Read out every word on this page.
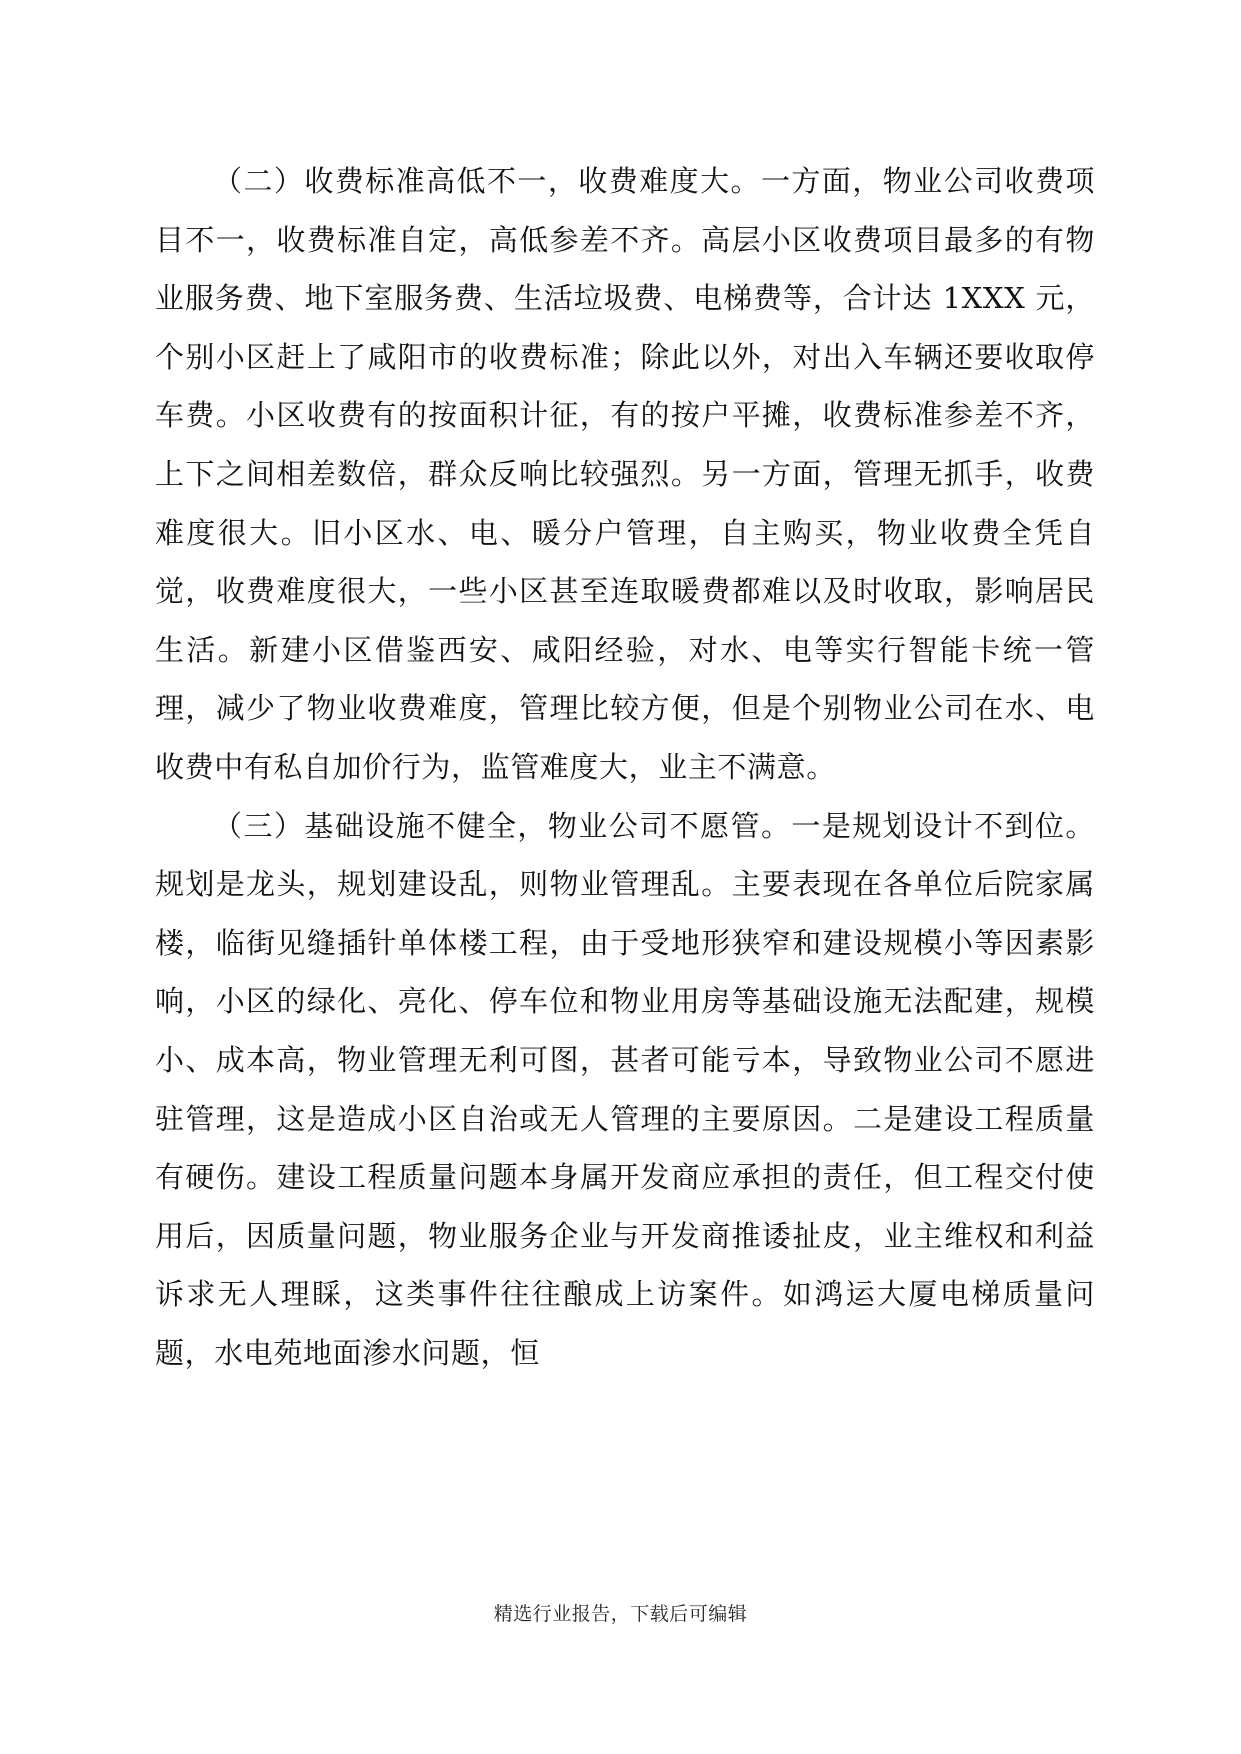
（二）收费标准高低不一，收费难度大。一方面，物业公司收费项目不一，收费标准自定，高低参差不齐。高层小区收费项目最多的有物业服务费、地下室服务费、生活垃圾费、电梯费等，合计达 1XXX 元，个别小区赶上了咸阳市的收费标准；除此以外，对出入车辆还要收取停车费。小区收费有的按面积计征，有的按户平摊，收费标准参差不齐，上下之间相差数倍，群众反响比较强烈。另一方面，管理无抓手，收费难度很大。旧小区水、电、暖分户管理，自主购买，物业收费全凭自觉，收费难度很大，一些小区甚至连取暖费都难以及时收取，影响居民生活。新建小区借鉴西安、咸阳经验，对水、电等实行智能卡统一管理，减少了物业收费难度，管理比较方便，但是个别物业公司在水、电收费中有私自加价行为，监管难度大，业主不满意。

（三）基础设施不健全，物业公司不愿管。一是规划设计不到位。规划是龙头，规划建设乱，则物业管理乱。主要表现在各单位后院家属楼，临街见缝插针单体楼工程，由于受地形狭窄和建设规模小等因素影响，小区的绿化、亮化、停车位和物业用房等基础设施无法配建，规模小、成本高，物业管理无利可图，甚者可能亏本，导致物业公司不愿进驻管理，这是造成小区自治或无人管理的主要原因。二是建设工程质量有硬伤。建设工程质量问题本身属开发商应承担的责任，但工程交付使用后，因质量问题，物业服务企业与开发商推诿扯皮，业主维权和利益诉求无人理睬，这类事件往往酿成上访案件。如鸿运大厦电梯质量问题，水电苑地面渗水问题，恒

精选行业报告，下载后可编辑
